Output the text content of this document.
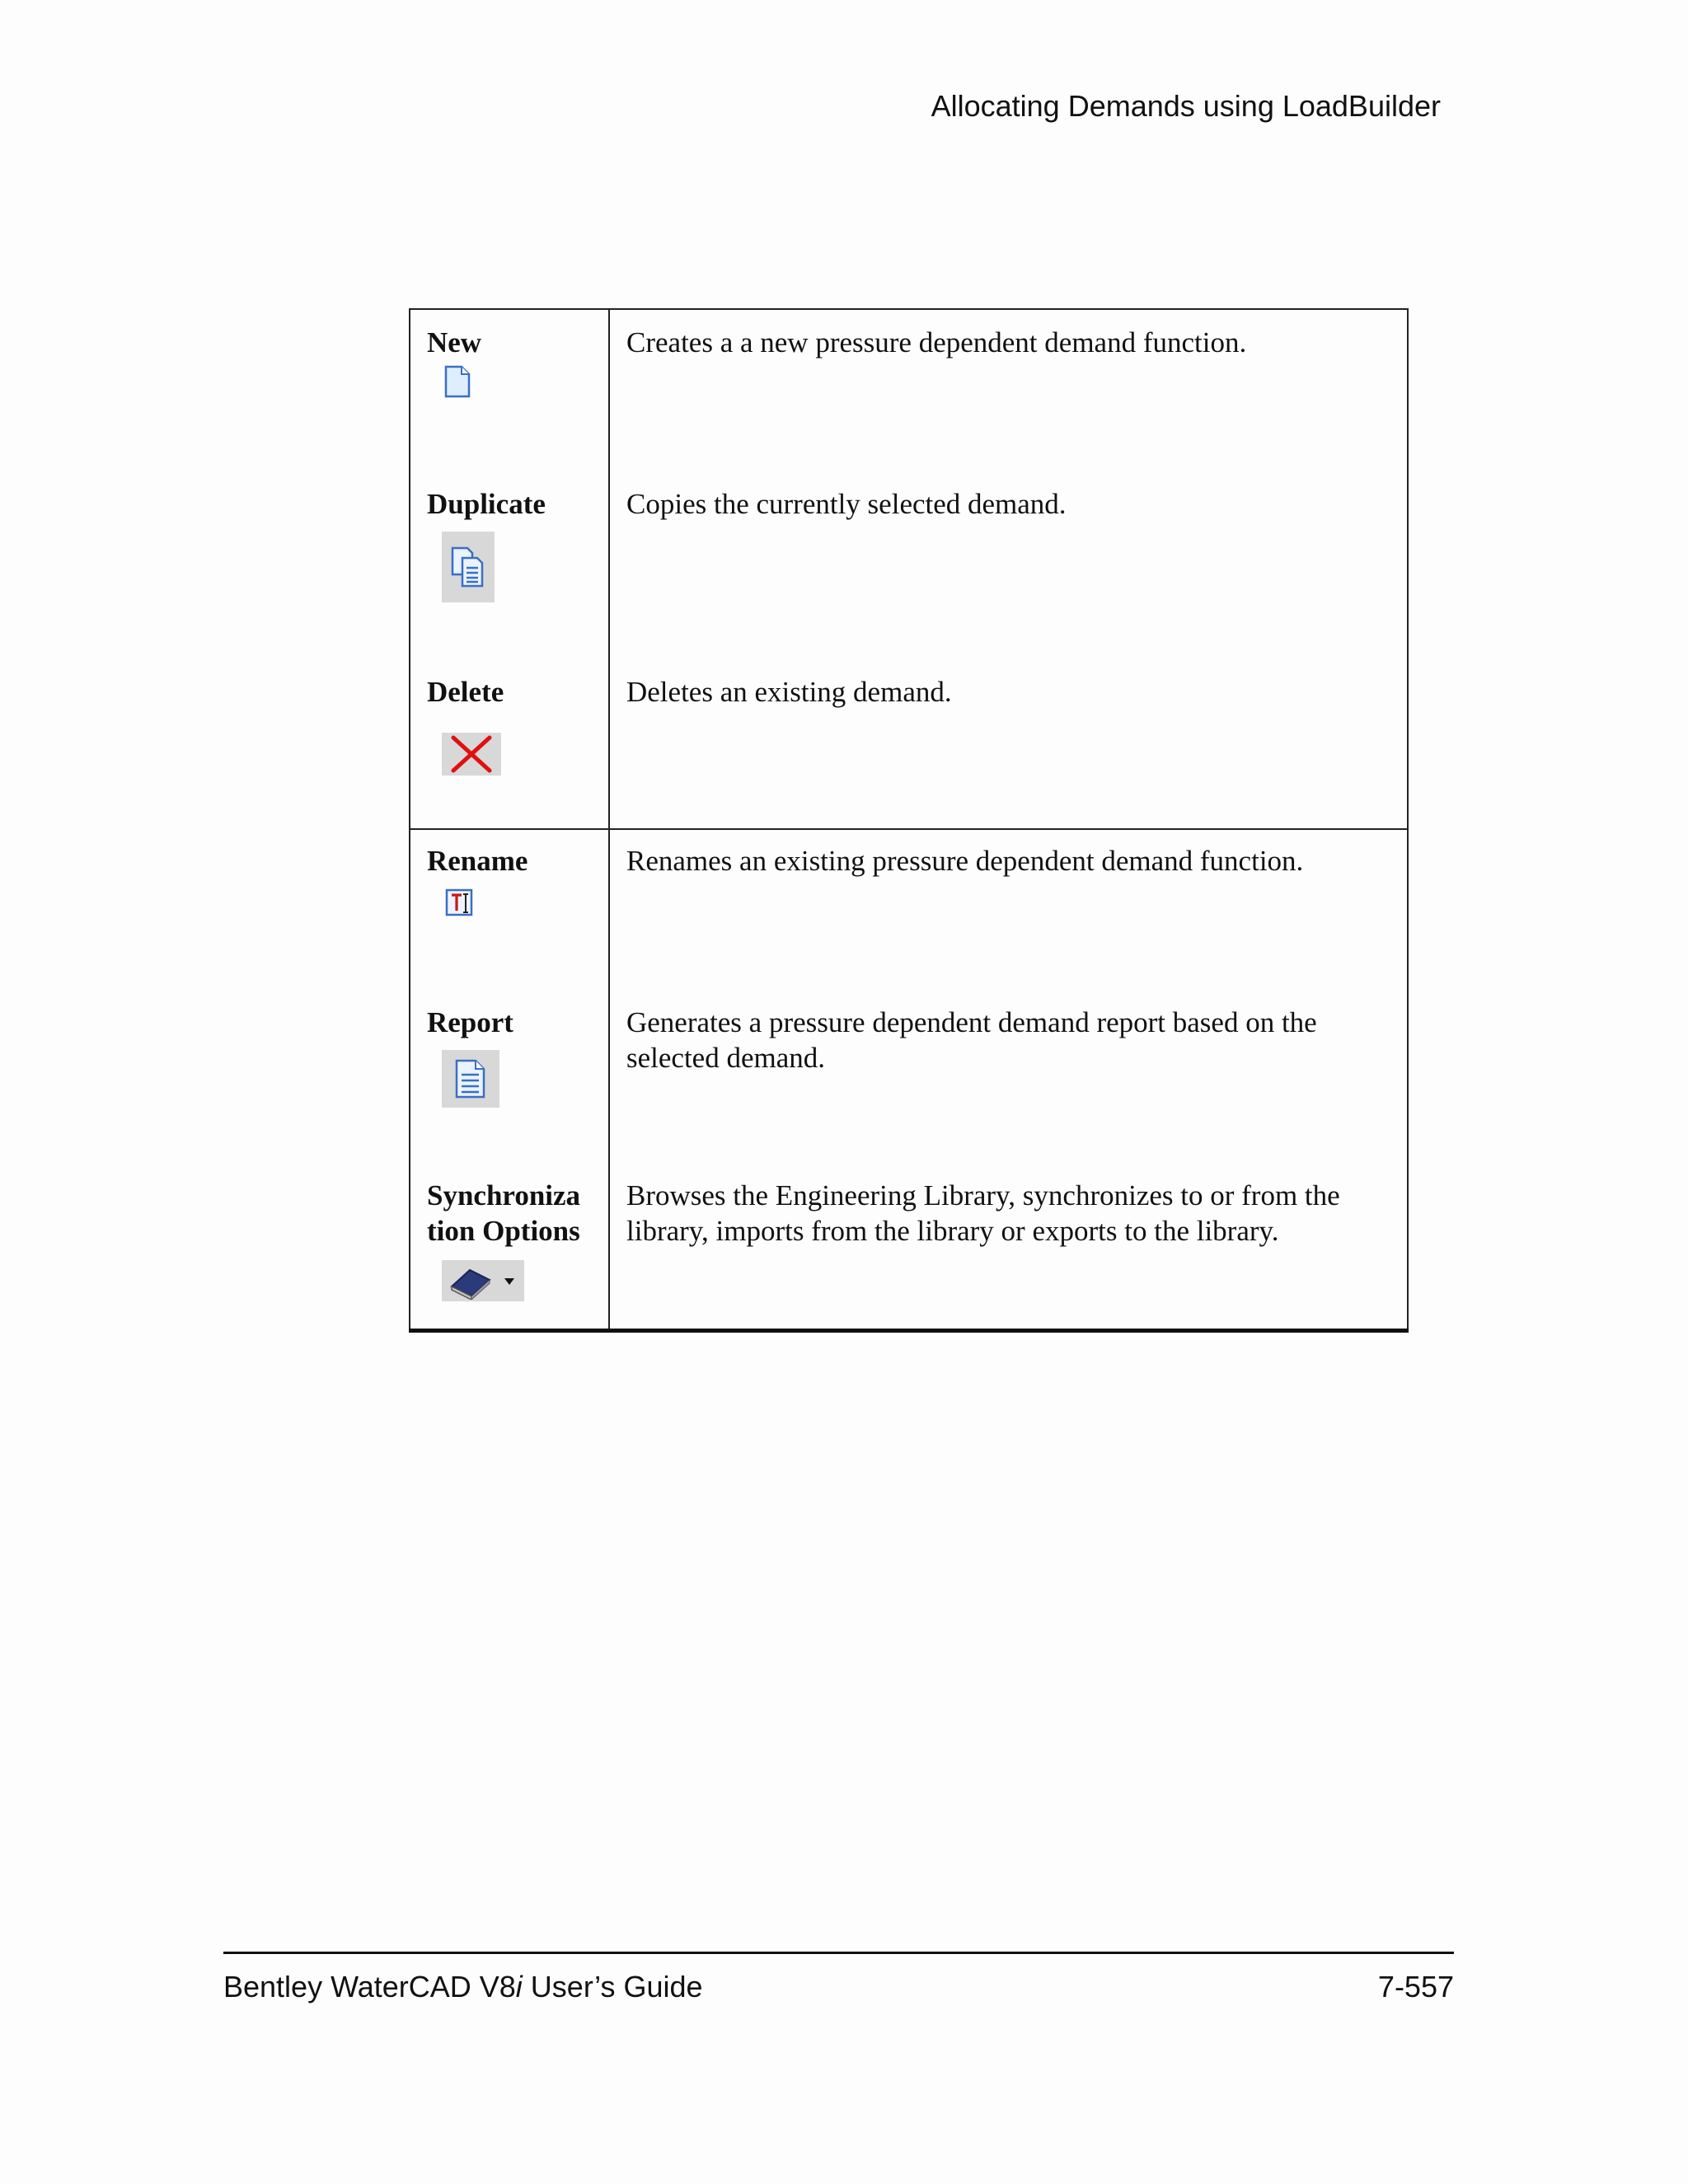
Allocating Demands using LoadBuilder
New	Creates a a new pressure dependent demand function.

Duplicate	Copies the currently selected demand.

Delete	Deletes an existing demand.

Rename	Renames an existing pressure dependent demand function.

Report	Generates a pressure dependent demand report based on the selected demand.

Synchroniza tion Options	Browses the Engineering Library, synchronizes to or from the library, imports from the library or exports to the library.
Bentley WaterCAD V8i User’s Guide	7-557
